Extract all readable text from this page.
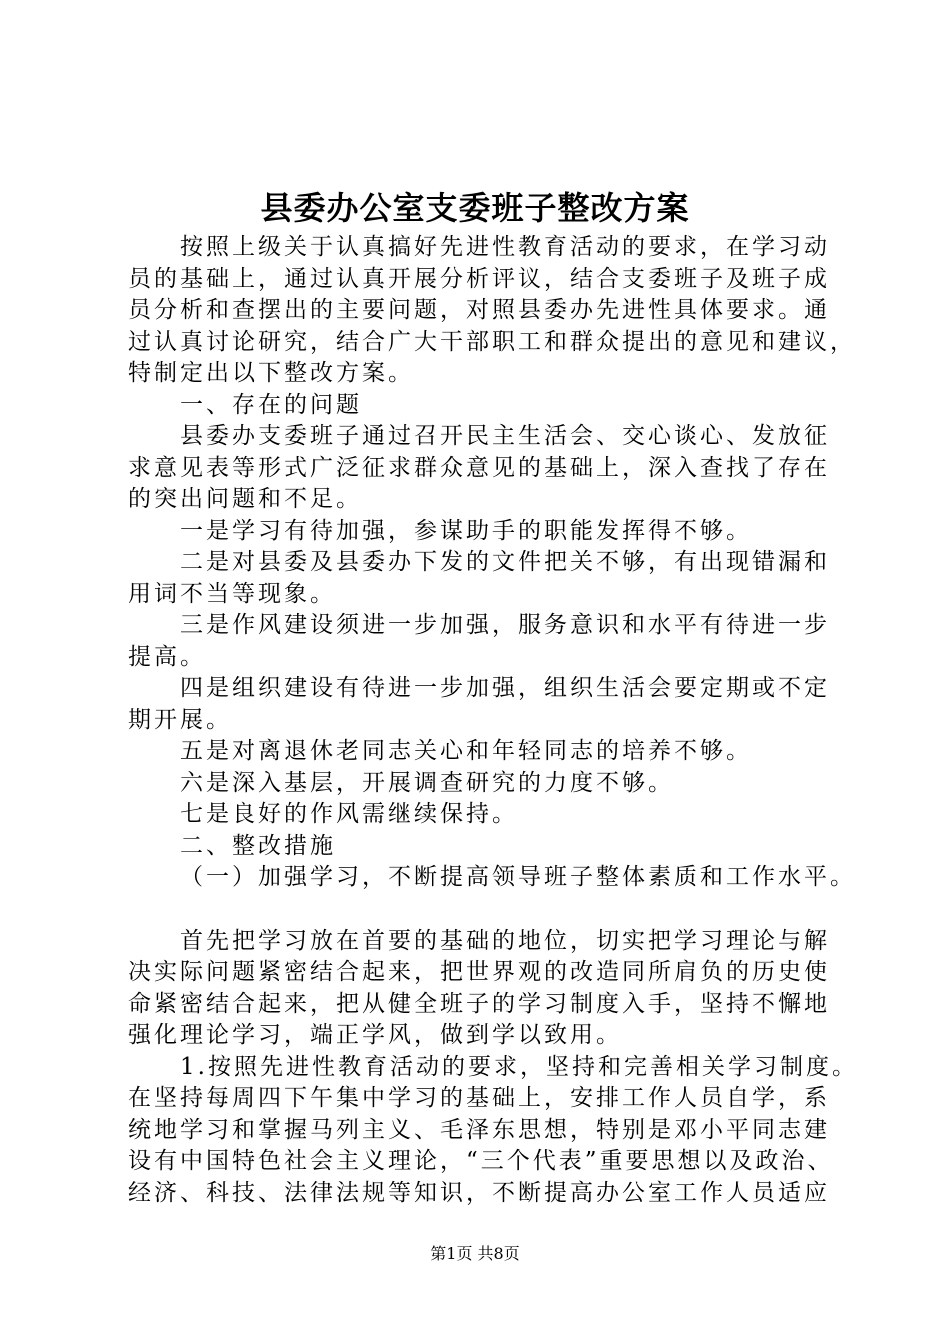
县委办公室支委班子整改方案

按照上级关于认真搞好先进性教育活动的要求，在学习动

员的基础上，通过认真开展分析评议，结合支委班子及班子成

员分析和查摆出的主要问题，对照县委办先进性具体要求。通

过认真讨论研究，结合广大干部职工和群众提出的意见和建议，

特制定出以下整改方案。

一、存在的问题

县委办支委班子通过召开民主生活会、交心谈心、发放征

求意见表等形式广泛征求群众意见的基础上，深入查找了存在

的突出问题和不足。

一是学习有待加强，参谋助手的职能发挥得不够。

二是对县委及县委办下发的文件把关不够，有出现错漏和

用词不当等现象。

三是作风建设须进一步加强，服务意识和水平有待进一步

提高。

四是组织建设有待进一步加强，组织生活会要定期或不定

期开展。

五是对离退休老同志关心和年轻同志的培养不够。

六是深入基层，开展调查研究的力度不够。

七是良好的作风需继续保持。

二、整改措施

（一）加强学习，不断提高领导班子整体素质和工作水平。

首先把学习放在首要的基础的地位，切实把学习理论与解

决实际问题紧密结合起来，把世界观的改造同所肩负的历史使

命紧密结合起来，把从健全班子的学习制度入手，坚持不懈地

强化理论学习，端正学风，做到学以致用。

1.按照先进性教育活动的要求，坚持和完善相关学习制度。

在坚持每周四下午集中学习的基础上，安排工作人员自学，系

统地学习和掌握马列主义、毛泽东思想，特别是邓小平同志建

设有中国特色社会主义理论，“三个代表”重要思想以及政治、

经济、科技、法律法规等知识，不断提高办公室工作人员适应

第1页 共8页
